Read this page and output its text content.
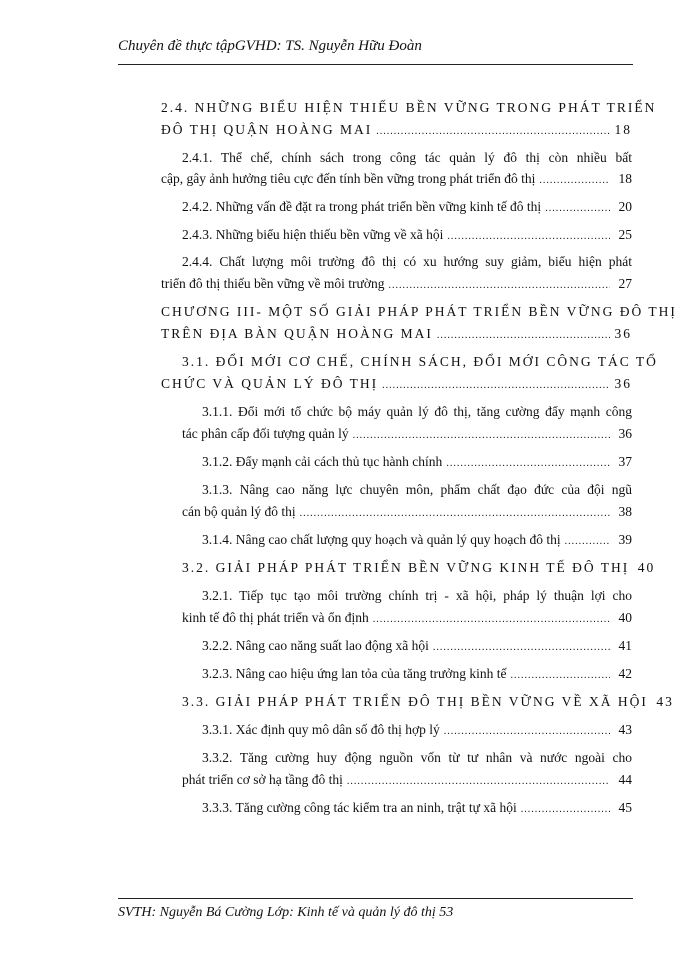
Chuyên đề thực tậpGVHD: TS. Nguyễn Hữu Đoàn
2.4. NHỮNG BIỂU HIỆN THIẾU BỀN VỮNG TRONG PHÁT TRIỂN
ĐÔ THỊ QUẬN HOÀNG MAI .....	18
2.4.1. Thể chế, chính sách trong công tác quản lý đô thị còn nhiều bất
cập, gây ảnh hưởng tiêu cực đến tính bền vững trong phát triển đô thị .....	18
2.4.2. Những vấn đề đặt ra trong phát triển bền vững kinh tế đô thị .....	20
2.4.3. Những biểu hiện thiếu bền vững về xã hội .....	25
2.4.4. Chất lượng môi trường đô thị có xu hướng suy giảm, biểu hiện phát
triển đô thị thiếu bền vững về môi trường .....	27
CHƯƠNG III- MỘT SỐ GIẢI PHÁP PHÁT TRIỂN BỀN VỮNG ĐÔ THỊ
TRÊN ĐỊA BÀN QUẬN HOÀNG MAI .....	36
3.1. ĐỔI MỚI CƠ CHẾ, CHÍNH SÁCH, ĐỔI MỚI CÔNG TÁC TỔ
CHỨC VÀ QUẢN LÝ ĐÔ THỊ .....	36
3.1.1. Đổi mới tổ chức bộ máy quản lý đô thị, tăng cường đẩy mạnh công
tác phân cấp đối tượng quản lý .....	36
3.1.2. Đẩy mạnh cải cách thủ tục hành chính .....	37
3.1.3. Nâng cao năng lực chuyên môn, phẩm chất đạo đức của đội ngũ
cán bộ quản lý đô thị .....	38
3.1.4. Nâng cao chất lượng quy hoạch và quản lý quy hoạch đô thị .....	39
3.2. GIẢI PHÁP PHÁT TRIỂN BỀN VỮNG KINH TẾ ĐÔ THỊ 40
3.2.1. Tiếp tục tạo môi trường chính trị - xã hội, pháp lý thuận lợi cho
kinh tế đô thị phát triển và ổn định .....	40
3.2.2. Nâng cao năng suất lao động xã hội .....	41
3.2.3. Nâng cao hiệu ứng lan tỏa của tăng trưởng kinh tế .....	42
3.3. GIẢI PHÁP PHÁT TRIỂN ĐÔ THỊ BỀN VỮNG VỀ XÃ HỘI 43
3.3.1. Xác định quy mô dân số đô thị hợp lý .....	43
3.3.2. Tăng cường huy động nguồn vốn từ tư nhân và nước ngoài cho
phát triển cơ sở hạ tầng đô thị .....	44
3.3.3. Tăng cường công tác kiểm tra an ninh, trật tự xã hội .....	45
SVTH: Nguyễn Bá Cường Lớp: Kinh tế và quản lý đô thị 53
